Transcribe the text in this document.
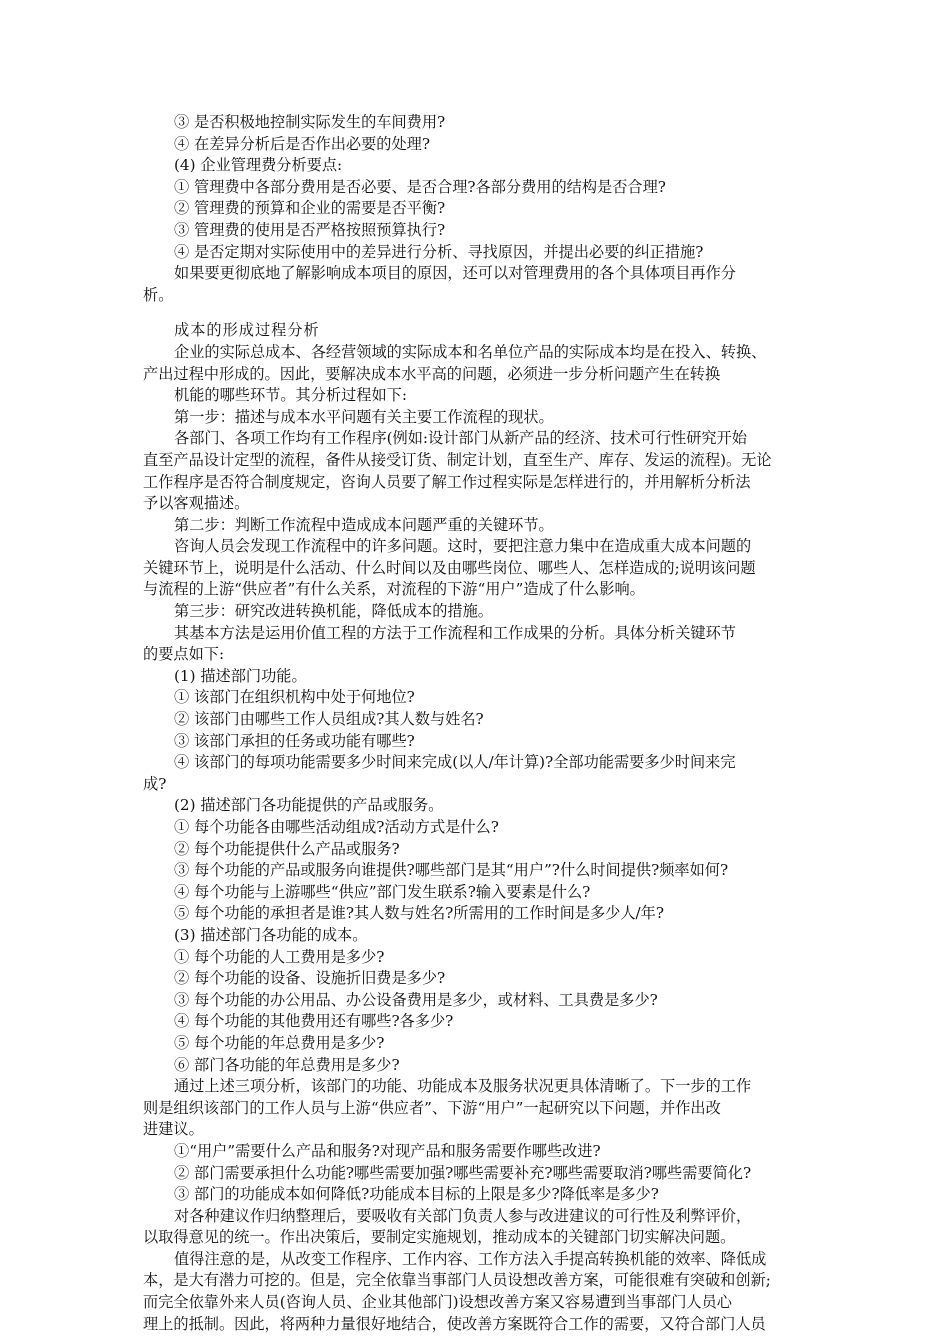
③ 是否积极地控制实际发生的车间费用?

④ 在差异分析后是否作出必要的处理?

(4) 企业管理费分析要点:

① 管理费中各部分费用是否必要、是否合理?各部分费用的结构是否合理?

② 管理费的预算和企业的需要是否平衡?

③ 管理费的使用是否严格按照预算执行?

④ 是否定期对实际使用中的差异进行分析、寻找原因，并提出必要的纠正措施?

如果要更彻底地了解影响成本项目的原因，还可以对管理费用的各个具体项目再作分

析。

成本的形成过程分析

企业的实际总成本、各经营领域的实际成本和名单位产品的实际成本均是在投入、转换、

产出过程中形成的。因此，要解决成本水平高的问题，必须进一步分析问题产生在转换

机能的哪些环节。其分析过程如下:

第一步：描述与成本水平问题有关主要工作流程的现状。

各部门、各项工作均有工作程序(例如:设计部门从新产品的经济、技术可行性研究开始

直至产品设计定型的流程，备件从接受订货、制定计划，直至生产、库存、发运的流程)。无论

工作程序是否符合制度规定，咨询人员要了解工作过程实际是怎样进行的，并用解析分析法

予以客观描述。

第二步：判断工作流程中造成成本问题严重的关键环节。

咨询人员会发现工作流程中的许多问题。这时，要把注意力集中在造成重大成本问题的

关键环节上，说明是什么活动、什么时间以及由哪些岗位、哪些人、怎样造成的;说明该问题

与流程的上游“供应者”有什么关系，对流程的下游“用户”造成了什么影响。

第三步：研究改进转换机能，降低成本的措施。

其基本方法是运用价值工程的方法于工作流程和工作成果的分析。具体分析关键环节

的要点如下:

(1) 描述部门功能。

① 该部门在组织机构中处于何地位?

② 该部门由哪些工作人员组成?其人数与姓名?

③ 该部门承担的任务或功能有哪些?

④ 该部门的每项功能需要多少时间来完成(以人/年计算)?全部功能需要多少时间来完

成?

(2) 描述部门各功能提供的产品或服务。

① 每个功能各由哪些活动组成?活动方式是什么?

② 每个功能提供什么产品或服务?

③ 每个功能的产品或服务向谁提供?哪些部门是其“用户”?什么时间提供?频率如何?

④ 每个功能与上游哪些“供应”部门发生联系?输入要素是什么?

⑤ 每个功能的承担者是谁?其人数与姓名?所需用的工作时间是多少人/年?

(3) 描述部门各功能的成本。

① 每个功能的人工费用是多少?

② 每个功能的设备、设施折旧费是多少?

③ 每个功能的办公用品、办公设备费用是多少，或材料、工具费是多少?

④ 每个功能的其他费用还有哪些?各多少?

⑤ 每个功能的年总费用是多少?

⑥ 部门各功能的年总费用是多少?

通过上述三项分析，该部门的功能、功能成本及服务状况更具体清晰了。下一步的工作

则是组织该部门的工作人员与上游“供应者”、下游“用户”一起研究以下问题，并作出改

进建议。

①“用户”需要什么产品和服务?对现产品和服务需要作哪些改进?

② 部门需要承担什么功能?哪些需要加强?哪些需要补充?哪些需要取消?哪些需要简化?

③ 部门的功能成本如何降低?功能成本目标的上限是多少?降低率是多少?

对各种建议作归纳整理后，要吸收有关部门负责人参与改进建议的可行性及利弊评价，

以取得意见的统一。作出决策后，要制定实施规划，推动成本的关键部门切实解决问题。

值得注意的是，从改变工作程序、工作内容、工作方法入手提高转换机能的效率、降低成

本，是大有潜力可挖的。但是，完全依靠当事部门人员设想改善方案，可能很难有突破和创新;

而完全依靠外来人员(咨询人员、企业其他部门)设想改善方案又容易遭到当事部门人员心

理上的抵制。因此，将两种力量很好地结合，使改善方案既符合工作的需要，又符合部门人员
